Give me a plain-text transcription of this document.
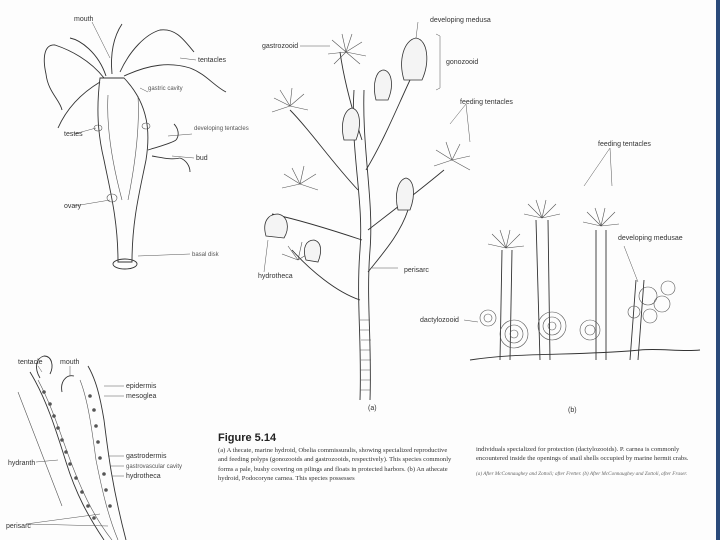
mouth
tentacles
gastric cavity
testes
developing tentacles
bud
ovary
basal disk
tentacle mouth
epidermis
mesoglea
gastrodermis
gastrovascular cavity
hydrotheca
hydranth
perisarc
developing medusa
gastrozooid
gonozooid
feeding tentacles
hydrotheca
perisarc
(a)
feeding tentacles
developing medusae
dactylozooid
(b)
Figure 5.14
(a) A thecate, marine hydroid, Obelia commissuralis, showing specialized reproductive and feeding polyps (gonozooids and gastrozooids, respectively). This species commonly forms a pale, bushy covering on pilings and floats in protected harbors. (b) An athecate hydroid, Podocoryne carnea. This species possesses
individuals specialized for protection (dactylozooids). P. carnea is commonly encountered inside the openings of snail shells occupied by marine hermit crabs.
(a) After McConnaughey and Zottoli; after Fretter. (b) After McConnaughey and Zottoli, after Fraser.
